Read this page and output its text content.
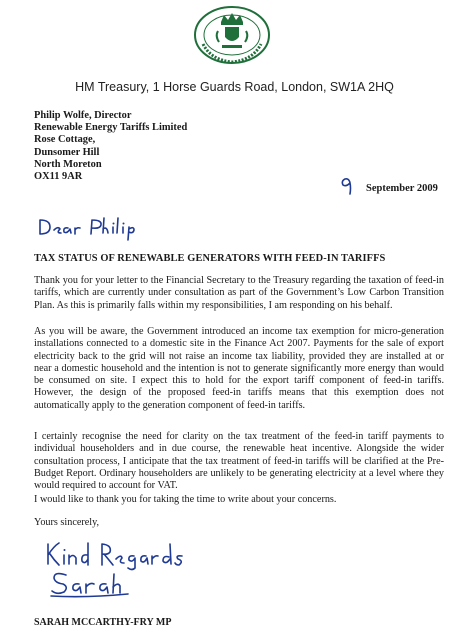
HM Treasury, 1 Horse Guards Road, London, SW1A 2HQ
Philip Wolfe, Director
Renewable Energy Tariffs Limited
Rose Cottage,
Dunsomer Hill
North Moreton
OX11 9AR
September 2009
TAX STATUS OF RENEWABLE GENERATORS WITH FEED-IN TARIFFS

Thank you for your letter to the Financial Secretary to the Treasury regarding the taxation of feed-in tariffs, which are currently under consultation as part of the Government’s Low Carbon Transition Plan. As this is primarily falls within my responsibilities, I am responding on his behalf.

As you will be aware, the Government introduced an income tax exemption for micro-generation installations connected to a domestic site in the Finance Act 2007. Payments for the sale of export electricity back to the grid will not raise an income tax liability, provided they are installed at or near a domestic household and the intention is not to generate significantly more energy than would be consumed on site. I expect this to hold for the export tariff component of feed-in tariffs. However, the design of the proposed feed-in tariffs means that this exemption does not automatically apply to the generation component of feed-in tariffs.

I certainly recognise the need for clarity on the tax treatment of the feed-in tariff payments to individual householders and in due course, the renewable heat incentive. Alongside the wider consultation process, I anticipate that the tax treatment of feed-in tariffs will be clarified at the Pre-Budget Report. Ordinary householders are unlikely to be generating electricity at a level where they would required to account for VAT.

I would like to thank you for taking the time to write about your concerns.

Yours sincerely,
SARAH MCCARTHY-FRY MP
